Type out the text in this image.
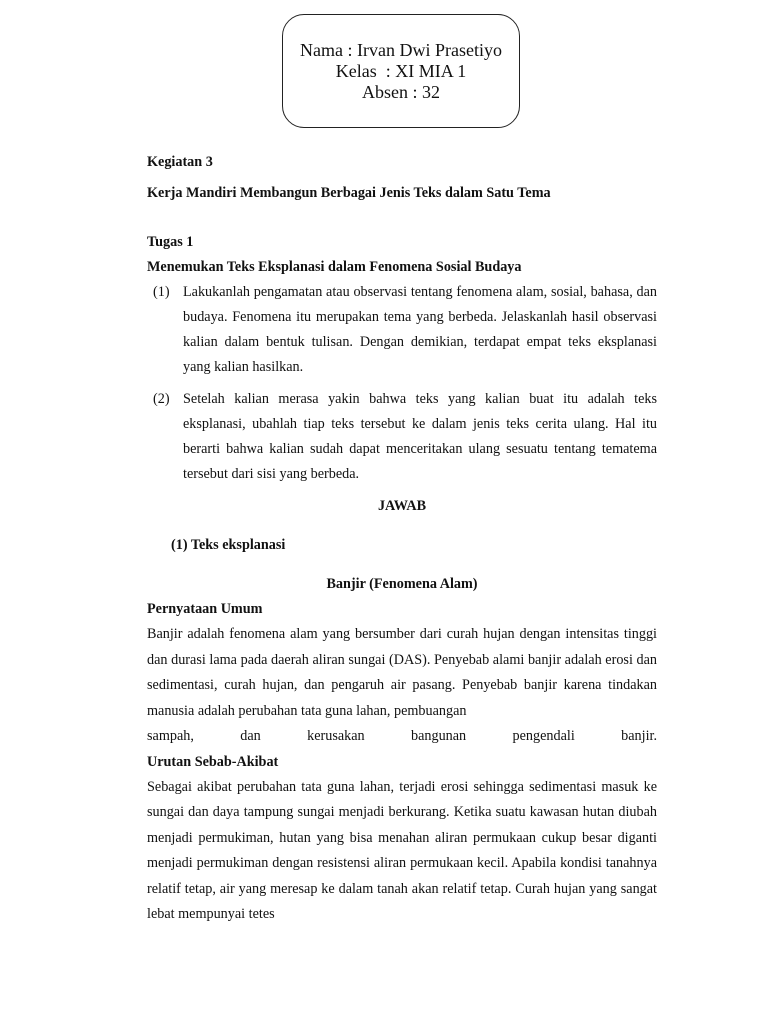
Nama : Irvan Dwi Prasetiyo
Kelas  : XI MIA 1
Absen : 32

Kegiatan 3

Kerja Mandiri Membangun Berbagai Jenis Teks dalam Satu Tema

Tugas 1

Menemukan Teks Eksplanasi dalam Fenomena Sosial Budaya

(1) Lakukanlah pengamatan atau observasi tentang fenomena alam, sosial, bahasa, dan budaya. Fenomena itu merupakan tema yang berbeda. Jelaskanlah hasil observasi kalian dalam bentuk tulisan. Dengan demikian, terdapat empat teks eksplanasi yang kalian hasilkan.
(2) Setelah kalian merasa yakin bahwa teks yang kalian buat itu adalah teks eksplanasi, ubahlah tiap teks tersebut ke dalam jenis teks cerita ulang. Hal itu berarti bahwa kalian sudah dapat menceritakan ulang sesuatu tentang tematema tersebut dari sisi yang berbeda.

JAWAB

(1) Teks eksplanasi

Banjir (Fenomena Alam)

Pernyataan Umum

Banjir adalah fenomena alam yang bersumber dari curah hujan dengan intensitas tinggi dan durasi lama pada daerah aliran sungai (DAS). Penyebab alami banjir adalah erosi dan sedimentasi, curah hujan, dan pengaruh air pasang. Penyebab banjir karena tindakan manusia adalah perubahan tata guna lahan, pembuangan

sampah, dan kerusakan bangunan pengendali banjir.

Urutan Sebab-Akibat

Sebagai akibat perubahan tata guna lahan, terjadi erosi sehingga sedimentasi masuk ke sungai dan daya tampung sungai menjadi berkurang. Ketika suatu kawasan hutan diubah menjadi permukiman, hutan yang bisa menahan aliran permukaan cukup besar diganti menjadi permukiman dengan resistensi aliran permukaan kecil. Apabila kondisi tanahnya relatif tetap, air yang meresap ke dalam tanah akan relatif tetap. Curah hujan yang sangat lebat mempunyai tetes
